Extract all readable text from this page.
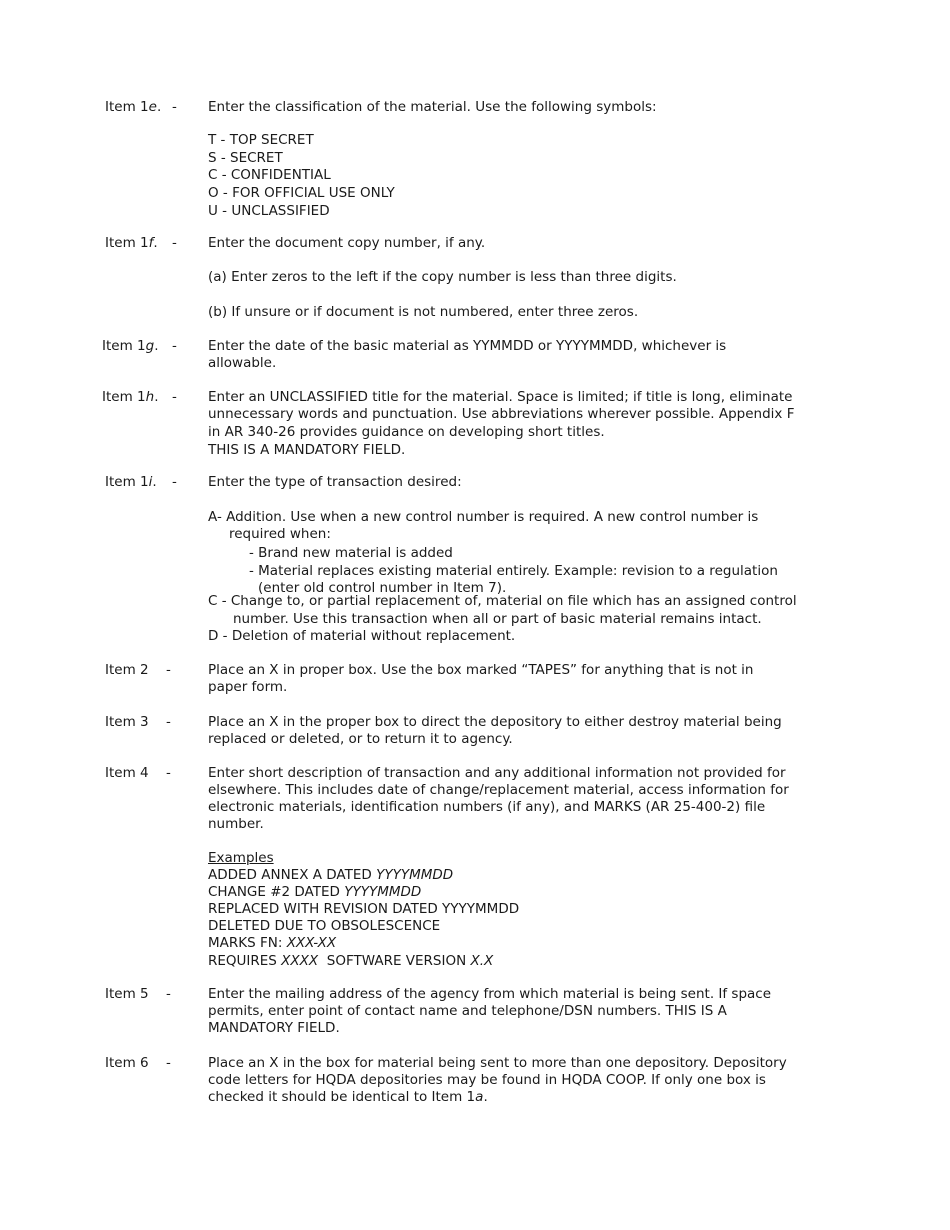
Item 1e. - Enter the classification of the material. Use the following symbols:
T - TOP SECRET
S - SECRET
C - CONFIDENTIAL
O - FOR OFFICIAL USE ONLY
U - UNCLASSIFIED
Item 1f. - Enter the document copy number, if any.
(a) Enter zeros to the left if the copy number is less than three digits.
(b) If unsure or if document is not numbered, enter three zeros.
Item 1g. - Enter the date of the basic material as YYMMDD or YYYYMMDD, whichever is
allowable.
Item 1h. - Enter an UNCLASSIFIED title for the material. Space is limited; if title is long, eliminate
unnecessary words and punctuation. Use abbreviations wherever possible. Appendix F
in AR 340-26 provides guidance on developing short titles.
THIS IS A MANDATORY FIELD.
Item 1i. - Enter the type of transaction desired:
A- Addition. Use when a new control number is required. A new control number is
required when:
- Brand new material is added
- Material replaces existing material entirely. Example: revision to a regulation
(enter old control number in Item 7).
C - Change to, or partial replacement of, material on file which has an assigned control
number. Use this transaction when all or part of basic material remains intact.
D - Deletion of material without replacement.
Item 2 -	Place an X in proper box. Use the box marked “TAPES” for anything that is not in
paper form.
Item 3 -	Place an X in the proper box to direct the depository to either destroy material being
replaced or deleted, or to return it to agency.
Item 4 -	Enter short description of transaction and any additional information not provided for
elsewhere. This includes date of change/replacement material, access information for
electronic materials, identification numbers (if any), and MARKS (AR 25-400-2) file
number.
Examples
ADDED ANNEX A DATED YYYYMMDD
CHANGE #2 DATED YYYYMMDD
REPLACED WITH REVISION DATED YYYYMMDD
DELETED DUE TO OBSOLESCENCE
MARKS FN: XXX-XX
REQUIRES XXXX  SOFTWARE VERSION X.X
Item 5 -	Enter the mailing address of the agency from which material is being sent. If space
permits, enter point of contact name and telephone/DSN numbers. THIS IS A
MANDATORY FIELD.
Item 6 -	Place an X in the box for material being sent to more than one depository. Depository
code letters for HQDA depositories may be found in HQDA COOP. If only one box is
checked it should be identical to Item 1a.
